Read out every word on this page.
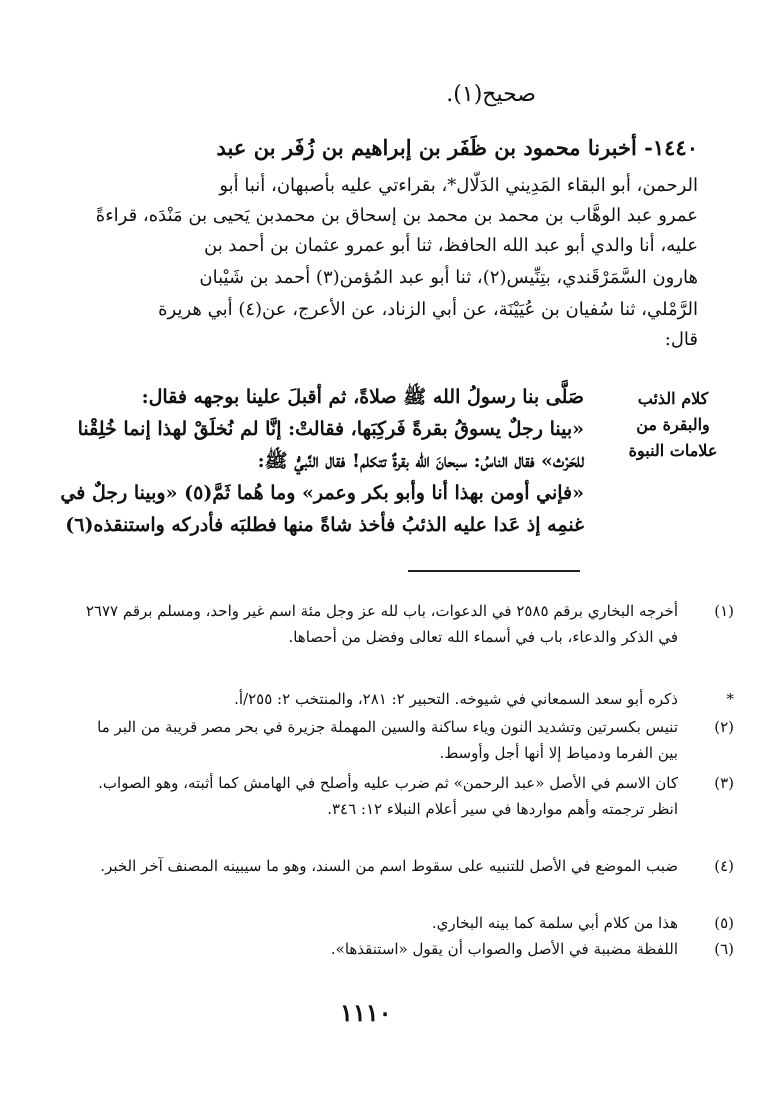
صحيح(١).
١٤٤٠- أخبرنا محمود بن ظَفَر بن إبراهيم بن زُفَر بن عبد
الرحمن، أبو البقاء المَدِيني الدَلّال*، بقراءتي عليه بأصبهان، أنبا أبو
عمرو عبد الوهَّاب بن محمد بن محمد بن إسحاق بن محمدبن يَحيى بن مَنْدَه، قراءةً
عليه، أنا والدي أبو عبد الله الحافظ، ثنا أبو عمرو عثمان بن أحمد بن
هارون السَّمَرْقَندي، بتِنِّيس(٢)، ثنا أبو عبد المُؤمن(٣) أحمد بن شَيْبان
الرَّمْلي، ثنا سُفيان بن عُيَيْنَة، عن أبي الزناد، عن الأعرج، عن(٤) أبي هريرة
قال:
صَلَّى بنا رسولُ الله ﷺ صلاةً، ثم أقبلَ علينا بوجهه فقال:
«بينا رجلٌ يسوقُ بقرةً فَركِبَها، فقالتْ: إنَّا لم نُخلَقْ لهذا إنما خُلِقْنا
للحَرْث» فقال الناسُ: سبحانَ الله بقرةٌ تتكلم! فقال النَّبيُّ ﷺ:
«فإني أومن بهذا أنا وأبو بكر وعمر» وما هُما ثَمَّ(٥) «وبينا رجلٌ في
غنمِه إذ عَدا عليه الذئبُ فأخذ شاةً منها فطلبَه فأدركه واستنقذه(٦)
كلام الذئب والبقرة من علامات النبوة
(١)
أخرجه البخاري برقم ٢٥٨٥ في الدعوات، باب لله عز وجل مئة اسم غير واحد، ومسلم برقم ٢٦٧٧ في الذكر والدعاء، باب في أسماء الله تعالى وفضل من أحصاها.
*
ذكره أبو سعد السمعاني في شيوخه. التحبير ٢: ٢٨١، والمنتخب ٢: ٢٥٥/أ.
(٢)
تنيس بكسرتين وتشديد النون وياء ساكنة والسين المهملة جزيرة في بحر مصر قريبة من البر ما بين الفرما ودمياط إلا أنها أجل وأوسط.
(٣)
كان الاسم في الأصل «عبد الرحمن» ثم ضرب عليه وأصلح في الهامش كما أثبته، وهو الصواب. انظر ترجمته وأهم مواردها في سير أعلام النبلاء ١٢: ٣٤٦.
(٤)
ضبب الموضع في الأصل للتنبيه على سقوط اسم من السند، وهو ما سيبينه المصنف آخر الخبر.
(٥)
هذا من كلام أبي سلمة كما بينه البخاري.
(٦)
اللفظة مضببة في الأصل والصواب أن يقول «استنقذها».
١١١٠
